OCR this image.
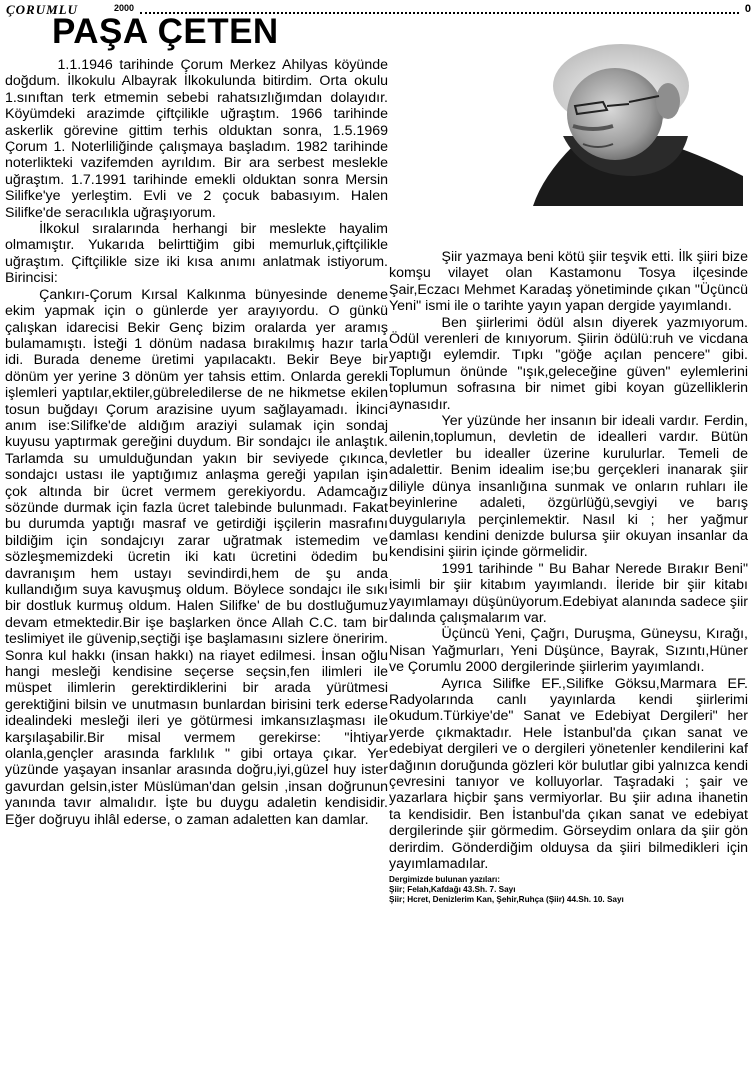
ÇORUMLU	2000	0
PAŞA ÇETEN

1.1.1946 tarihinde Çorum Merkez Ahilyas köyünde doğdum. İlkokulu Albayrak İlkokulunda bitirdim. Orta okulu 1.sınıftan terk etmemin sebebi rahatsızlığımdan dolayıdır. Köyümdeki arazimde çiftçilikle uğraştım. 1966 tarihinde askerlik görevine gittim terhis olduktan sonra, 1.5.1969 Çorum 1. Noterliliğinde çalışmaya başladım. 1982 tarihinde noterlikteki vazifemden ayrıldım. Bir ara serbest meslekle uğraştım. 1.7.1991 tarihinde emekli olduktan sonra Mersin Silifke'ye yerleştim. Evli ve 2 çocuk babasıyım. Halen Silifke'de seracılıkla uğraşıyorum.

İlkokul sıralarında herhangi bir meslekte hayalim olmamıştır. Yukarıda belirttiğim gibi memurluk,çiftçilikle uğraştım. Çiftçilikle size iki kısa anımı anlatmak istiyorum. Birincisi:

Çankırı-Çorum Kırsal Kalkınma bünyesinde deneme ekim yapmak için o günlerde yer arayıyordu. O günkü çalışkan idarecisi Bekir Genç bizim oralarda yer aramış bulamamıştı. İsteği 1 dönüm nadasa bırakılmış hazır tarla idi. Burada deneme üretimi yapılacaktı. Bekir Beye bir dönüm yer yerine 3 dönüm yer tahsis ettim. Onlarda gerekli işlemleri yaptılar,ektiler,gübreledilerse de ne hikmetse ekilen tosun buğdayı Çorum arazisine uyum sağlayamadı. İkinci anım ise:Silifke'de aldığım araziyi sulamak için sondaj kuyusu yaptırmak gereğini duydum. Bir sondajcı ile anlaştık. Tarlamda su umulduğundan yakın bir seviyede çıkınca, sondajcı ustası ile yaptığımız anlaşma gereği yapılan işin çok altında bir ücret vermem gerekiyordu. Adamcağız sözünde durmak için fazla ücret talebinde bulunmadı. Fakat bu durumda yaptığı masraf ve getirdiği işçilerin masrafını bildiğim için sondajcıyı zarar uğratmak istemedim ve sözleşmemizdeki ücretin iki katı ücretini ödedim bu davranışım hem ustayı sevindirdi,hem de şu anda kullandığım suya kavuşmuş oldum. Böylece sondajcı ile sıkı bir dostluk kurmuş oldum. Halen Silifke' de bu dostluğumuz devam etmektedir.Bir işe başlarken önce Allah C.C. tam bir teslimiyet ile güvenip,seçtiği işe başlamasını sizlere öneririm. Sonra kul hakkı (insan hakkı) na riayet edilmesi. İnsan oğlu hangi mesleği kendisine seçerse seçsin,fen ilimleri ile müspet ilimlerin gerektirdiklerini bir arada yürütmesi gerektiğini bilsin ve unutmasın bunlardan birisini terk ederse idealindeki mesleği ileri ye götürmesi imkansızlaşması ile karşılaşabilir.Bir misal vermem gerekirse: "İhtiyar olanla,gençler arasında farklılık " gibi ortaya çıkar. Yer yüzünde yaşayan insanlar arasında doğru,iyi,güzel huy ister gavurdan gelsin,ister Müslüman'dan gelsin ,insan doğrunun yanında tavır almalıdır. İşte bu duygu adaletin kendisidir. Eğer doğruyu ihlâl ederse, o zaman adaletten kan damlar.

Şiir yazmaya beni kötü şiir teşvik etti. İlk şiiri bize komşu vilayet olan Kastamonu Tosya ilçesinde Şair,Eczacı Mehmet Karadaş yönetiminde çıkan "Üçüncü Yeni" ismi ile o tarihte yayın yapan dergide yayımlandı.

Ben şiirlerimi ödül alsın diyerek yazmıyorum. Ödül verenleri de kınıyorum. Şiirin ödülü:ruh ve vicdana yaptığı eylemdir. Tıpkı "göğe açılan pencere" gibi. Toplumun önünde "ışık,geleceğine güven" eylemlerini toplumun sofrasına bir nimet gibi koyan güzelliklerin aynasıdır.

Yer yüzünde her insanın bir ideali vardır. Ferdin, ailenin,toplumun, devletin de idealleri vardır. Bütün devletler bu idealler üzerine kurulurlar. Temeli de adalettir. Benim idealim ise;bu gerçekleri inanarak şiir diliyle dünya insanlığına sunmak ve onların ruhları ile beyinlerine adaleti, özgürlüğü,sevgiyi ve barış duygularıyla perçinlemektir. Nasıl ki ; her yağmur damlası kendini denizde bulursa şiir okuyan insanlar da kendisini şiirin içinde görmelidir.

1991 tarihinde " Bu Bahar Nerede Bırakır Beni" isimli bir şiir kitabım yayımlandı. İleride bir şiir kitabı yayımlamayı düşünüyorum.Edebiyat alanında sadece şiir dalında çalışmalarım var.

Üçüncü Yeni, Çağrı, Duruşma, Güneysu, Kırağı, Nisan Yağmurları, Yeni Düşünce, Bayrak, Sızıntı,Hüner ve Çorumlu 2000 dergilerinde şiirlerim yayımlandı.

Ayrıca Silifke EF.,Silifke Göksu,Marmara EF. Radyolarında canlı yayınlarda kendi şiirlerimi okudum.Türkiye'de" Sanat ve Edebiyat Dergileri" her yerde çıkmaktadır. Hele İstanbul'da çıkan sanat ve edebiyat dergileri ve o dergileri yönetenler kendilerini kaf dağının doruğunda gözleri kör bulutlar gibi yalnızca kendi çevresini tanıyor ve kolluyorlar. Taşradaki ; şair ve yazarlara hiçbir şans vermiyorlar. Bu şiir adına ihanetin ta kendisidir. Ben İstanbul'da çıkan sanat ve edebiyat dergilerinde şiir görmedim. Görseydim onlara da şiir gön derirdim. Gönderdiğim olduysa da şiiri bilmedikleri için yayımlamadılar.

Dergimizde bulunan yazıları:
Şiir; Felah,Kafdağı 43.Sh. 7. Sayı
Şiir; Hcret, Denizlerim Kan, Şehir,Ruhça (Şiir) 44.Sh. 10. Sayı
